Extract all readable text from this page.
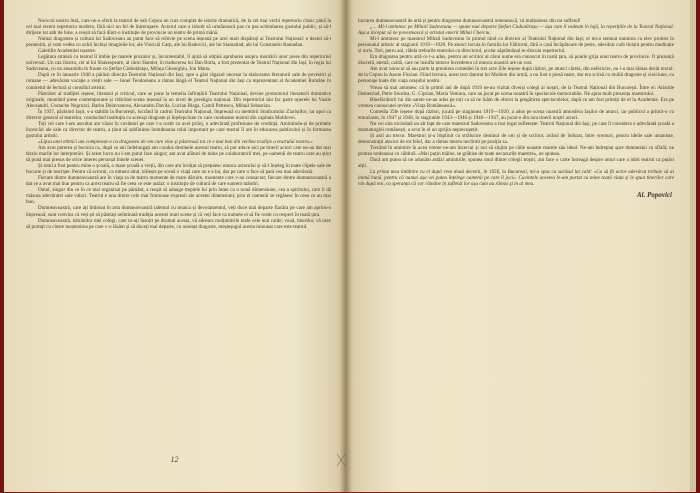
Norocul nostru însă, care ne-a oferit la teatrul de sub Copou un curs complet de istorie dramatică, de la cel mai vechi repertoriu clasic până la cel mai recent repertoriu modern, fără nici un fel de întrerupere. Actorul care a izbutit să urmărească pas cu pas schimbarea gustului public, și să-l dirijeze tot atât de bine, a reușit să facă dintr-o instituție de provincie un teatru de primă mână.

Numai dragostea și cultura lui Sadoveanu au putut face să reînvie pe scena ieșeană pe acei mari dispăruți ai Teatrului Național: e destul să-i pomenim, și vom vedea cu ochii închiși imaginile lor, ale Vioricăi Carp, ale lui Radovici, ale lui Stamatiad, ale lui Constantin Ramadan.

Galeriile Academiei noastre.

Legătura strânsă cu teatrul îl îmbie pe marele prozator și, încontestabil, îl ajută să obțină aprobarea asupra montării unor piese din repertoriul universal. Un caz ilustru, cel al lui Shakespeare, al cărui Hamlet, în traducerea lui Dan Botta, a fost prezentat de Teatrul Național din Iași, în regia lui Sadoveanu, cu un ansamblu în frunte cu Ștefan Ciubotărașu, Miluța Gheorghiu, Ion Manu.

După ce în ianuarie 1940 a părăsit direcția Teatrului Național din Iași, spre a găsi răgazul necesar la elaborarea literaturii sale de povestiri și romane — adevărata vocație a vieții sale — Ionel Teodoreanu a rămas lângă el Teatrul Național din Iași ca reprezentant al Academiei Române în comitetul de lectură și consiliul artistic.

Păstrător al tradiției ieșene, literatul și criticul, care se pune la temelia înființării Teatrului Național, devine promotorul literaturii dramatice originale, montând piese contemporane și ridicând scena ieșeană la un nivel de prestigiu național. Din repertoriul său fac parte operele lui Vasile Alecsandri, Costache Negruzzi, Barbu Delavrancea, Alexandru Davila, Lucian Blaga, Camil Petrescu, Mihail Sebastian.

În 1937, părăsind Iașii, s-a stabilit la București, lucrând în cadrul Teatrului Național, împreună cu membrii Sindicatului Ziariștilor, iar apoi ca director general al teatrelor, conducând instituția cu aceeași dragoste și înțelepciune cu care condusese teatrul din capitala Moldovei.

Toți cei care l-am ascultat am văzut în cuvântul pe care l-a rostit cu acel prilej, o adevărată profesiune de credință. Amintindu-și de primele încercări ale sale ca director de teatru, a ținut să sublinieze întotdeauna rolul important pe care teatrul îl are în educarea publicului și în formarea gustului artistic.

«Lipsa unei tehnici am compensat-o cu dragostea de om care vine și păstrează tot ce e mai bun din vechea tradiție a teatrului nostru.»

Am avut puterea și bucuria ca, după ce ani îndelungați am condus destinele acestui teatru, să pot aduce aici pe tinerii actori care ne-au dat mai târziu marile lor interpretări. Și acest lucru nu l-am putut face singur; am avut alături de mine pe colaboratorii mei, pe oamenii de teatru care au știut să pună mai presus de orice interes personal binele scenei.

Și totul a fost pentru mine o școală, o mare școală a vieții, din care am învățat să prețuiesc munca actorului și să-l înțeleg în toate clipele sale de bucurie și de restriște. Pentru că actorul, ca nimeni altul, trăiește pe scenă o viață care nu e a lui, dar pe care o face să pară cea mai adevărată.

Fiecare dintre dumneavoastră are în viața sa de teatru momente de mare dăruire, momente care v-au consacrat; fiecare dintre dumneavoastră a dat ce a avut mai bun pentru ca acest teatru să fie ceea ce este astăzi: o instituție de cultură de care suntem mândri.

Omul, singur din ce în ce mai organizat pe pământ, a reușit să adauge treptele lui prin lume cu o nouă dimensiune, cea a spiritului, care îi dă măsura adevăratei sale valori. Teatrul e una dintre cele mai frumoase expresii ale acestei dimensiuni; prin el oamenii se regăsesc în ceea ce au mai bun.

Dumneavoastră, care ați îmbinat în arta dumneavoastră talentul cu munca și devotamentul, veți duce mai departe flacăra pe care am aprins-o împreună; sunt convins că veți ști să păstrați neîntinată tradiția acestei mari scene și că veți face ca numele ei să fie rostit cu respect în toată țara.

Dumneavoastră, bătrânilor mei colegi, care m-ați însoțit pe drumul acesta, vă adresez mulțumirile mele cele mai calde; vouă, tinerilor, vă urez să purtați cu cinste moștenirea pe care v-o lăsăm și să duceți mai departe, cu aceeași dragoste, meșteșugul acesta minunat care este teatrul.

12

lucrarea dumneavoastră de artă și pentru dragostea dumneavoastră omenească, vă mulțumesc din tot sufletul!

„... Mi-l amintesc pe Mihail Sadoveanu — spune mai departe Ștefan Ciubotărașu — așa cum îl vedeam în lojă, la repetițiile de la Teatrul Național. Așa a început să ne povestească și artistul emerit Mihai Cherciu.

Mi-l amintesc pe maestrul Mihail Sadoveanu în primul rând ca director al Teatrului Național din Iași; el mi-a semnat numirea ca elev probist în personalul artistic al stagiunii 1919—1920. Pe atunci locuia în familia lui Fălticeni, fără o casă încăpătoare de peste, adevărat cuib liniștit pentru meditație și scris. Trei, petru ani, răbda treburile teatrului cu directorul, școlar săptămânal se discuta repertoriul.

Era dragostea pentru artă ce l-a adus, pentru un scriitor al cărui nume era cunoscut în toată țara, să poarte grija unui teatru de provincie. O prezență discretă, atentă, caldă, care ne insufla tuturor încrederea că munca noastră are un rost.

Am avut norocul să iau parte la premiera comediei în trei acte Zile ieșene după război, pe atunci căreia, din nefericire, nu i-a mai rămas decât textul: de la Copou la Aaron Florian. Fiind lectura, acest text datorat lui Moliere din urmă, a nu fost o piesă mare, dar era scrisă cu multă dragoste și vioiciune, cu personaje luate din viața orașului nostru.

Vreau să mai amintesc că în primii ani de după 1919 ne-au vizitat diverși colegi ai noștri, de la Teatrul Național din București. Între ei: Aristide Demetriad, Petre Sturdza, G. Ciprian, Maria Ventura, care au jucat pe scena noastră în spectacole memorabile. Ne ajuta mult prezența maestrului.

Binefăcătorii lui din satele ne-au adus pe toți ca să ne luăm de obicei la pregătirea spectacolelor, după ce am fost primiți de el la Academie. Era pe vremea cunoscutei reviste «Viața Românească».

Comedia Zile ieșene după război, jucată pe stagiunea 1919—1920, a adus pe scena noastră atmosfera Iașilor de atunci, iar publicul a primit-o cu entuziasm, în 1947 și 1948, în stagiunile 1943—1946 și 1946—1947, au jucat-o din nou tinerii noștri actori.

Nu vei uita niciodată un alt fapt de care maestrul Sadoveanu a fost legat sufletește: Teatrul Național din Iași, pe care îl considera o adevărată școală a dramaturgiei românești, a avut în el un sprijin neprecupețit.

Și anii au trecut. Maestrul și-a împlinit cu strălucire destinul de om și de scriitor, având de îndurat, între vremuri, pentru ideile sale umaniste, demonstrații atacuri de tot felul, dar a rămas mereu neclintit pe poziția sa.

Trecând în amintire în acea vreme ne-am încercat și noi să slujim pe căile noastre marele său ideal. Ne-am îndreptat spre dumnealui cu sfială; ne primea totdeauna cu căldură. «Mai puțin mâine, se grăbise de toate necazurile maestre», ne spunea.

Dacă am putea să ne adunăm astăzi amintirile, spunea unul dintre colegii noștri, am face o carte întreagă despre omul care a iubit teatrul ca puțini alții.

La prima mea întâlnire cu el după vreo două decenii, în 1956, la București, mi-a spus cu surâsul lui cald: «Ca să fii actor adevărat trebuie să ai inimă bună, pentru că numai așa vei putea înțelege oamenii pe care îi joci». Cuvintele acestea le-am purtat cu mine toată viața și le spun tinerilor care vin după noi, cu speranța că vor rămâne în sufletul lor așa cum au rămas și în al meu.

Al. Popovici
